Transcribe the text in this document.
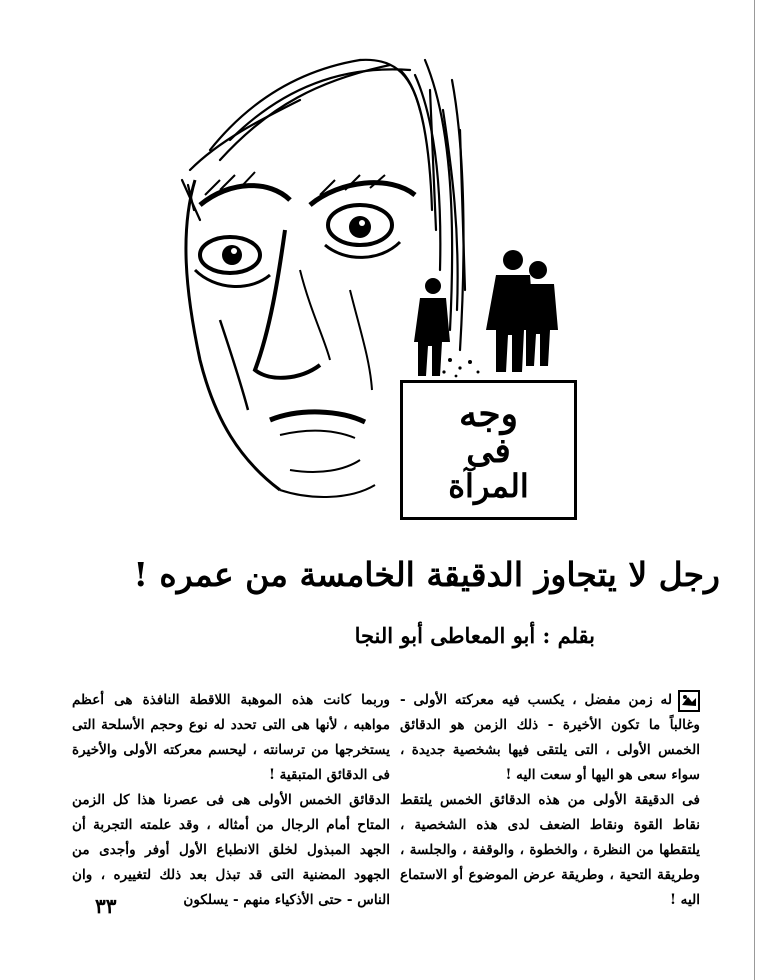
وجه
فى
المرآة
رجل لا يتجاوز الدقيقة الخامسة من عمره !
بقلم : أبو المعاطى أبو النجا

له زمن مفضل ، يكسب فيه معركته الأولى - وغالباً ما تكون الأخيرة - ذلك الزمن هو الدقائق الخمس الأولى ، التى يلتقى فيها بشخصية جديدة ، سواء سعى هو اليها أو سعت اليه !

فى الدقيقة الأولى من هذه الدقائق الخمس يلتقط نقاط القوة ونقاط الضعف لدى هذه الشخصية ، يلتقطها من النظرة ، والخطوة ، والوقفة ، والجلسة ، وطريقة التحية ، وطريقة عرض الموضوع أو الاستماع اليه !

وربما كانت هذه الموهبة اللاقطة النافذة هى أعظم مواهبه ، لأنها هى التى تحدد له نوع وحجم الأسلحة التى يستخرجها من ترسانته ، ليحسم معركته الأولى والأخيرة فى الدقائق المتبقية !

الدقائق الخمس الأولى هى فى عصرنا هذا كل الزمن المتاح أمام الرجال من أمثاله ، وقد علمته التجربة أن الجهد المبذول لخلق الانطباع الأول أوفر وأجدى من الجهود المضنية التى قد تبذل بعد ذلك لتغييره ، وان الناس - حتى الأذكياء منهم - يسلكون

٣٣
